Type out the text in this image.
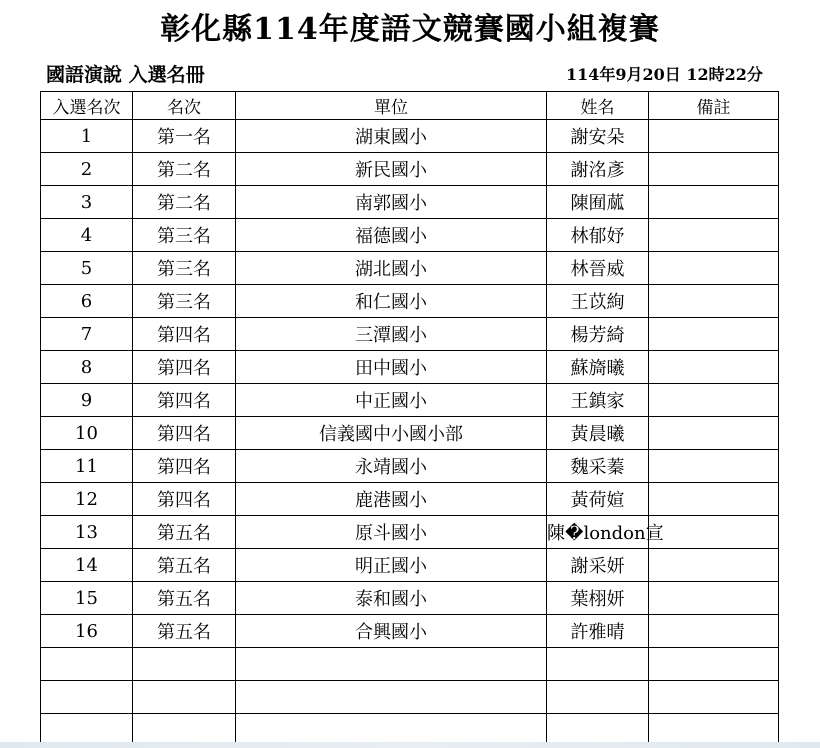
彰化縣114年度語文競賽國小組複賽
國語演說 入選名冊	114年9月20日 12時22分
入選名次	名次	單位	姓名	備註
1	第一名	湖東國小	謝安朵	
2	第二名	新民國小	謝洺彥	
3	第二名	南郭國小	陳囿蓏	
4	第三名	福德國小	林郁妤	
5	第三名	湖北國小	林晉威	
6	第三名	和仁國小	王苡絢	
7	第四名	三潭國小	楊芳綺	
8	第四名	田中國小	蘇旖曦	
9	第四名	中正國小	王鎮家	
10	第四名	信義國中小國小部	黃晨曦	
11	第四名	永靖國小	魏采蓁	
12	第四名	鹿港國小	黃荷媗	
13	第五名	原斗國小	陳�london宣	
14	第五名	明正國小	謝采妍	
15	第五名	泰和國小	葉栩妍	
16	第五名	合興國小	許雅晴	
